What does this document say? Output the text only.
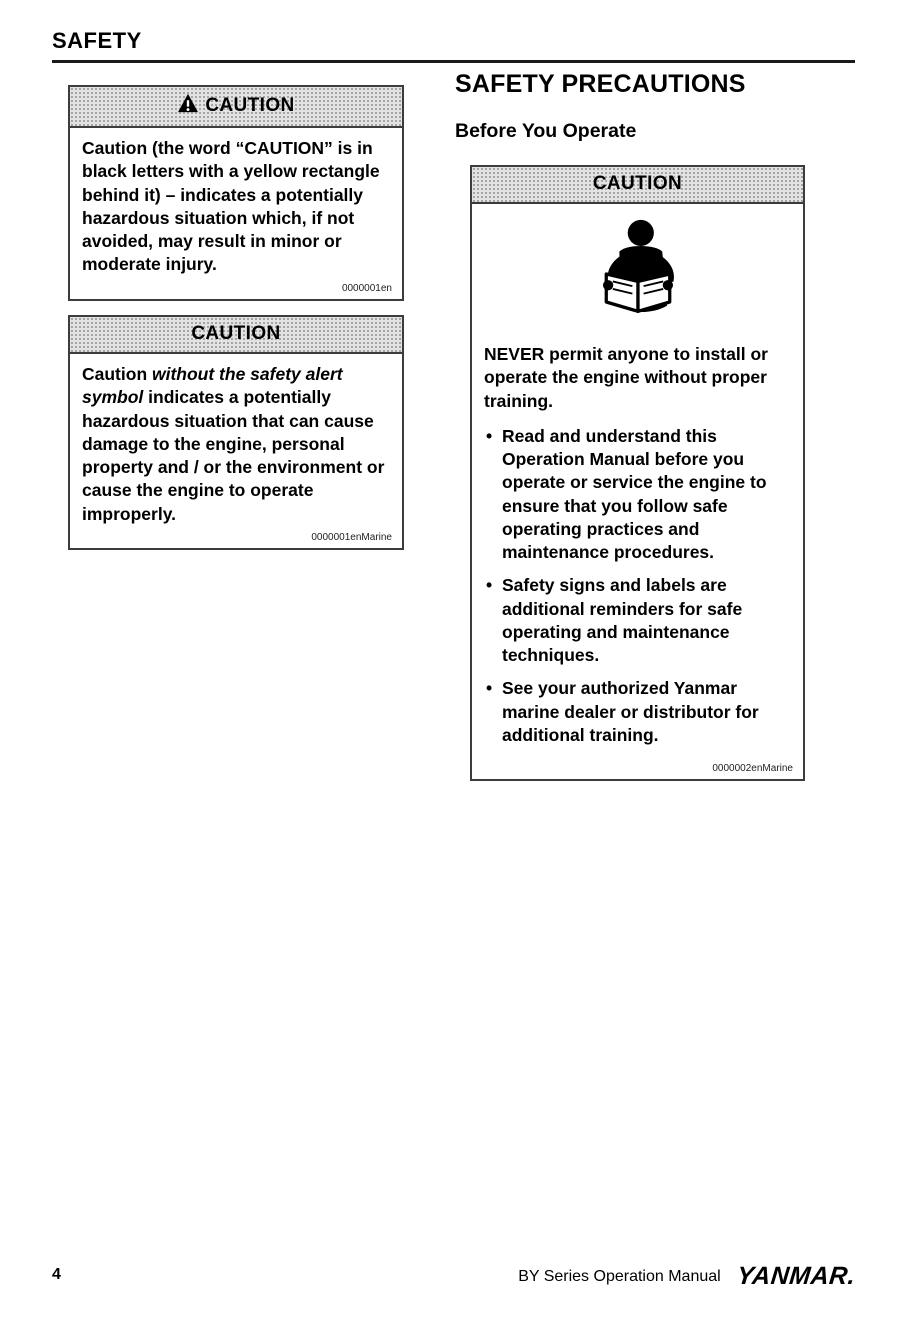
SAFETY
CAUTION
Caution (the word “CAUTION” is in black letters with a yellow rectangle behind it) – indicates a potentially hazardous situation which, if not avoided, may result in minor or moderate injury.
0000001en
CAUTION
Caution without the safety alert symbol indicates a potentially hazardous situation that can cause damage to the engine, personal property and / or the environment or cause the engine to operate improperly.
0000001enMarine
SAFETY PRECAUTIONS
Before You Operate
CAUTION
NEVER permit anyone to install or operate the engine without proper training.
• Read and understand this Operation Manual before you operate or service the engine to ensure that you follow safe operating practices and maintenance procedures.
• Safety signs and labels are additional reminders for safe operating and maintenance techniques.
• See your authorized Yanmar marine dealer or distributor for additional training.
0000002enMarine
4	BY Series Operation Manual YANMAR.
